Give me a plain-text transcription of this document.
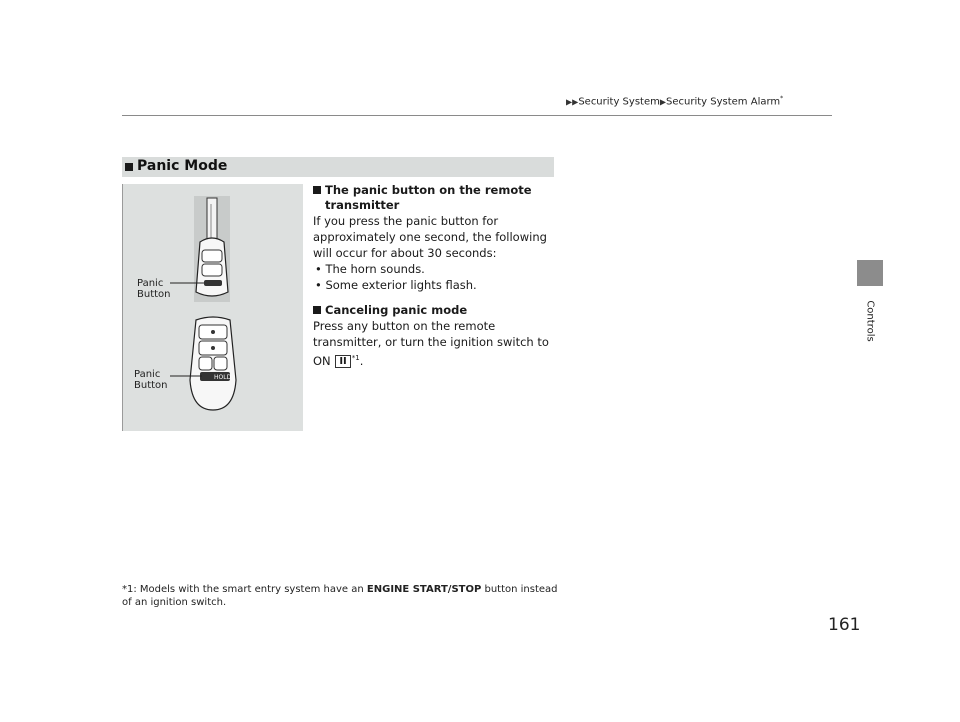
▶▶Security System▶Security System Alarm*
Controls
Panic Mode
HOLD
Panic
Button
Panic
Button
The panic button on the remote transmitter

If you press the panic button for approximately one second, the following will occur for about 30 seconds:

• The horn sounds.

• Some exterior lights flash.

Canceling panic mode

Press any button on the remote transmitter, or turn the ignition switch to ON II $^{*1}$.

*1: Models with the smart entry system have an ENGINE START/STOP button instead of an ignition switch.
161
